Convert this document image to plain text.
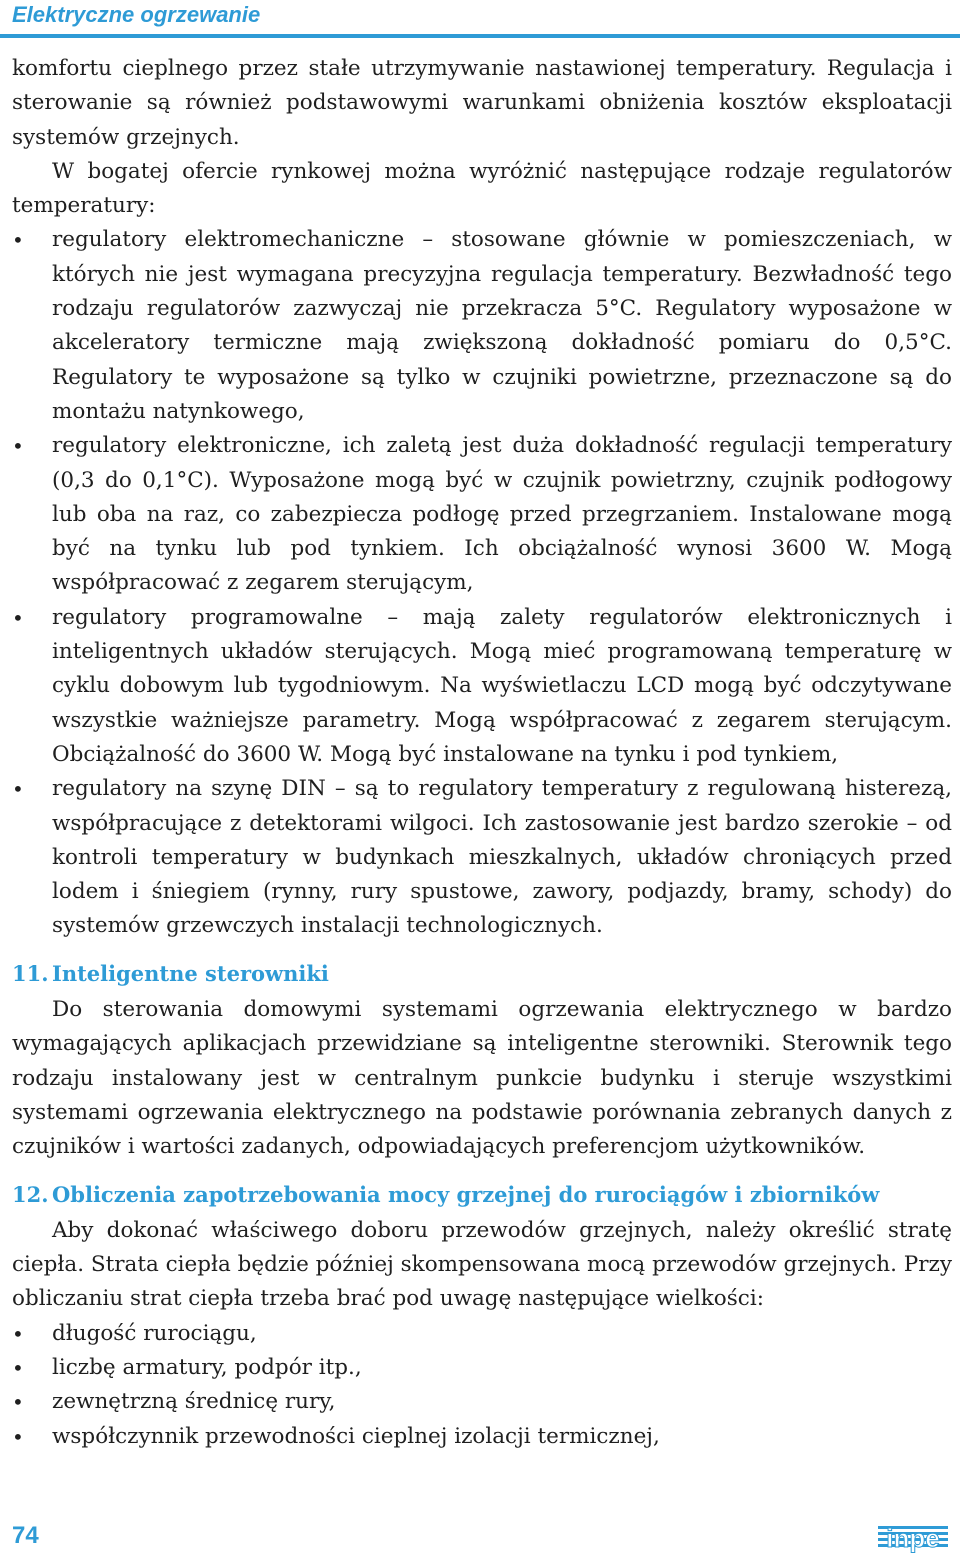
Elektryczne ogrzewanie

komfortu cieplnego przez stałe utrzymywanie nastawionej temperatury. Regulacja i sterowanie są również podstawowymi warunkami obniżenia kosztów eksploatacji systemów grzejnych.

W bogatej ofercie rynkowej można wyróżnić następujące rodzaje regulatorów temperatury:

• regulatory elektromechaniczne – stosowane głównie w pomieszczeniach, w których nie jest wymagana precyzyjna regulacja temperatury. Bezwładność tego rodzaju regulatorów zazwyczaj nie przekracza 5°C. Regulatory wyposażone w akceleratory termiczne mają zwiększoną dokładność pomiaru do 0,5°C. Regulatory te wyposażone są tylko w czujniki powietrzne, przeznaczone są do montażu natynkowego,
• regulatory elektroniczne, ich zaletą jest duża dokładność regulacji temperatury (0,3 do 0,1°C). Wyposażone mogą być w czujnik powietrzny, czujnik podłogowy lub oba na raz, co zabezpiecza podłogę przed przegrzaniem. Instalowane mogą być na tynku lub pod tynkiem. Ich obciążalność wynosi 3600 W. Mogą współpracować z zegarem sterującym,
• regulatory programowalne – mają zalety regulatorów elektronicznych i inteligentnych układów sterujących. Mogą mieć programowaną temperaturę w cyklu dobowym lub tygodniowym. Na wyświetlaczu LCD mogą być odczytywane wszystkie ważniejsze parametry. Mogą współpracować z zegarem sterującym. Obciążalność do 3600 W. Mogą być instalowane na tynku i pod tynkiem,
• regulatory na szynę DIN – są to regulatory temperatury z regulowaną histerezą, współpracujące z detektorami wilgoci. Ich zastosowanie jest bardzo szerokie – od kontroli temperatury w budynkach mieszkalnych, układów chroniących przed lodem i śniegiem (rynny, rury spustowe, zawory, podjazdy, bramy, schody) do systemów grzewczych instalacji technologicznych.
11. Inteligentne sterowniki

Do sterowania domowymi systemami ogrzewania elektrycznego w bardzo wymagających aplikacjach przewidziane są inteligentne sterowniki. Sterownik tego rodzaju instalowany jest w centralnym punkcie budynku i steruje wszystkimi systemami ogrzewania elektrycznego na podstawie porównania zebranych danych z czujników i wartości zadanych, odpowiadających preferencjom użytkowników.

12. Obliczenia zapotrzebowania mocy grzejnej do rurociągów i zbiorników

Aby dokonać właściwego doboru przewodów grzejnych, należy określić stratę ciepła. Strata ciepła będzie później skompensowana mocą przewodów grzejnych. Przy obliczaniu strat ciepła trzeba brać pod uwagę następujące wielkości:

• długość rurociągu,
• liczbę armatury, podpór itp.,
• zewnętrzną średnicę rury,
• współczynnik przewodności cieplnej izolacji termicznej,
74	inpe
